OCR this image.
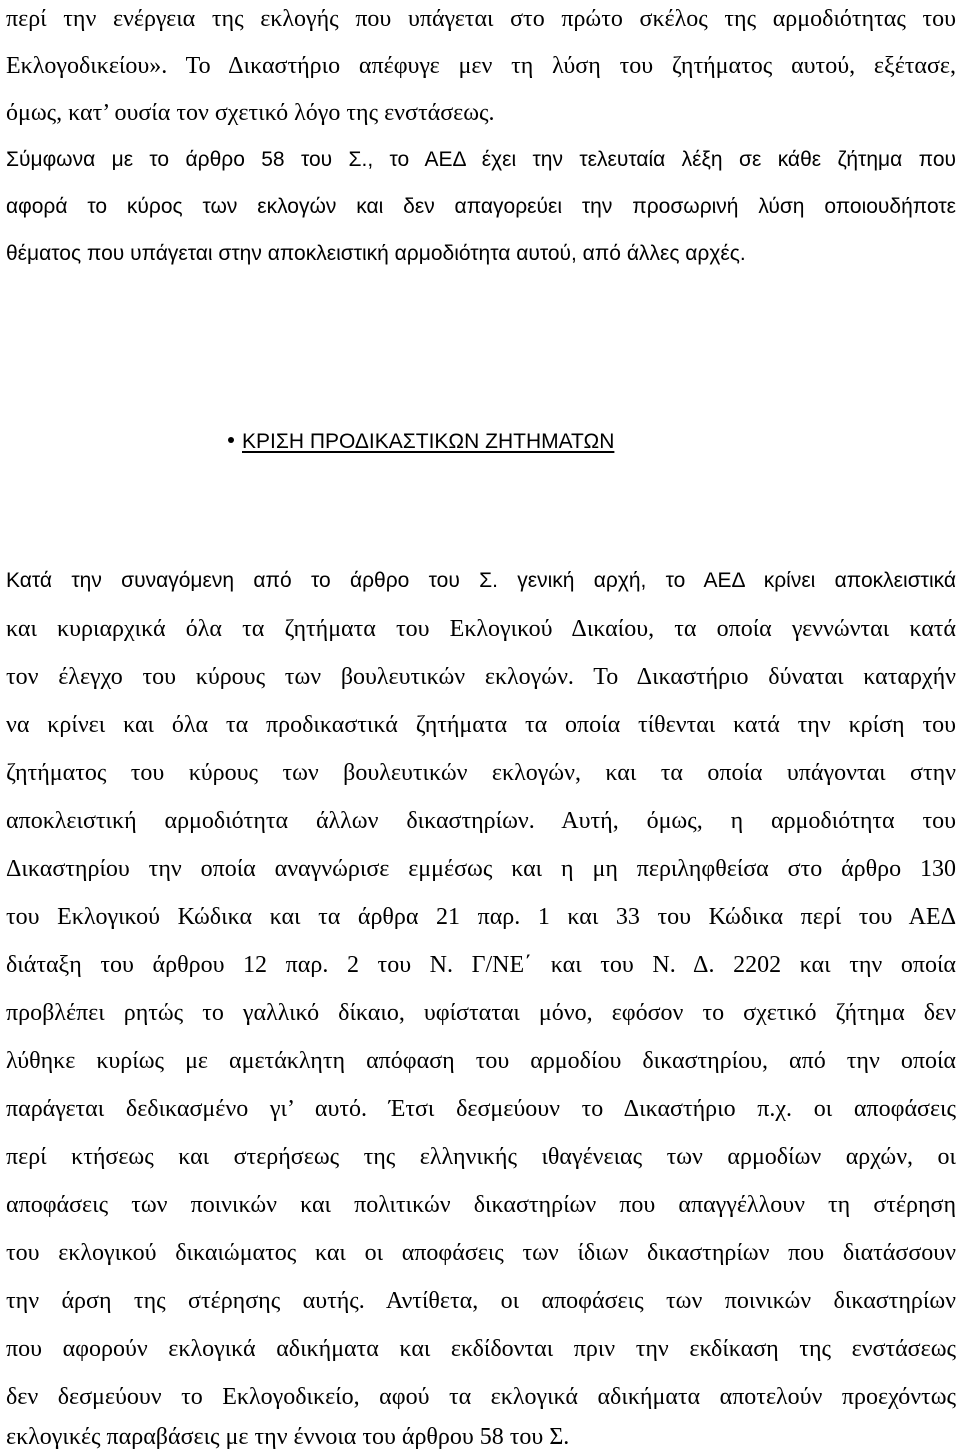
περί την ενέργεια της εκλογής που υπάγεται στο πρώτο σκέλος της αρμοδιότητας του
Εκλογοδικείου». Το Δικαστήριο απέφυγε μεν τη λύση του ζητήματος αυτού, εξέτασε,
όμως, κατ’ ουσία τον σχετικό λόγο της ενστάσεως.
Σύμφωνα με το άρθρο 58 του Σ., το ΑΕΔ έχει την τελευταία λέξη σε κάθε ζήτημα που
αφορά το κύρος των εκλογών και δεν απαγορεύει την προσωρινή λύση οποιουδήποτε
θέματος που υπάγεται στην αποκλειστική αρμοδιότητα αυτού, από άλλες αρχές.
ΚΡΙΣΗ ΠΡΟΔΙΚΑΣΤΙΚΩΝ ΖΗΤΗΜΑΤΩΝ
Κατά την συναγόμενη από το άρθρο του Σ. γενική αρχή, το ΑΕΔ κρίνει αποκλειστικά
και κυριαρχικά όλα τα ζητήματα του Εκλογικού Δικαίου, τα οποία γεννώνται κατά
τον έλεγχο του κύρους των βουλευτικών εκλογών. Το Δικαστήριο δύναται καταρχήν
να κρίνει και όλα τα προδικαστικά ζητήματα τα οποία τίθενται κατά την κρίση του
ζητήματος του κύρους των βουλευτικών εκλογών, και τα οποία υπάγονται στην
αποκλειστική αρμοδιότητα άλλων δικαστηρίων. Αυτή, όμως, η αρμοδιότητα του
Δικαστηρίου την οποία αναγνώρισε εμμέσως και η μη περιληφθείσα στο άρθρο 130
του Εκλογικού Κώδικα και τα άρθρα 21 παρ. 1 και 33 του Κώδικα περί του ΑΕΔ
διάταξη του άρθρου 12 παρ. 2 του Ν. Γ/ΝΕ΄ και του Ν. Δ. 2202 και την οποία
προβλέπει ρητώς το γαλλικό δίκαιο, υφίσταται μόνο, εφόσον το σχετικό ζήτημα δεν
λύθηκε κυρίως με αμετάκλητη απόφαση του αρμοδίου δικαστηρίου, από την οποία
παράγεται δεδικασμένο γι’ αυτό. Έτσι δεσμεύουν το Δικαστήριο π.χ. οι αποφάσεις
περί κτήσεως και στερήσεως της ελληνικής ιθαγένειας των αρμοδίων αρχών, οι
αποφάσεις των ποινικών και πολιτικών δικαστηρίων που απαγγέλλουν τη στέρηση
του εκλογικού δικαιώματος και οι αποφάσεις των ίδιων δικαστηρίων που διατάσσουν
την άρση της στέρησης αυτής. Αντίθετα, οι αποφάσεις των ποινικών δικαστηρίων
που αφορούν εκλογικά αδικήματα και εκδίδονται πριν την εκδίκαση της ενστάσεως
δεν δεσμεύουν το Εκλογοδικείο, αφού τα εκλογικά αδικήματα αποτελούν προεχόντως
εκλογικές παραβάσεις με την έννοια του άρθρου 58 του Σ.
